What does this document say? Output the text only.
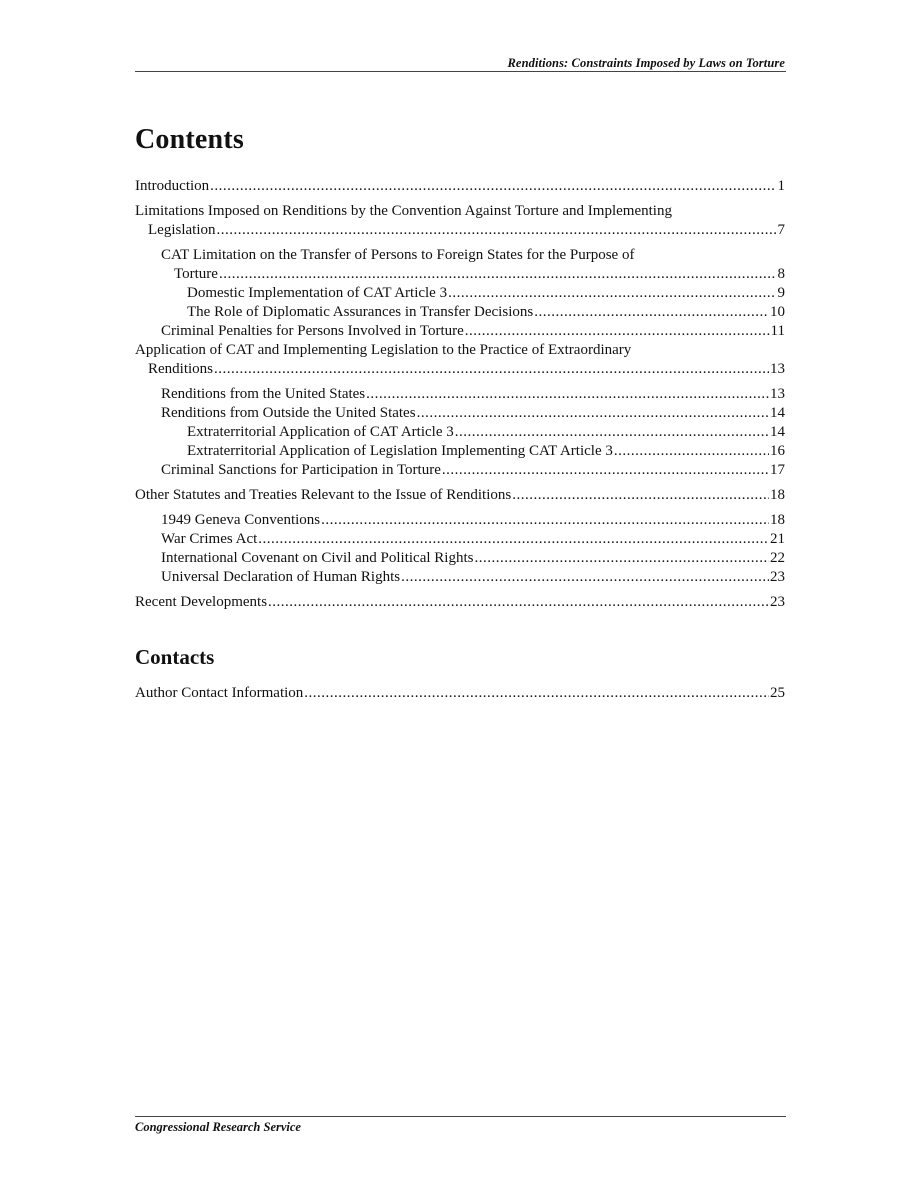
Renditions: Constraints Imposed by Laws on Torture
Contents
Introduction .....	1
Limitations Imposed on Renditions by the Convention Against Torture and Implementing
Legislation .....	7
CAT Limitation on the Transfer of Persons to Foreign States for the Purpose of
Torture .....	8
Domestic Implementation of CAT Article 3 .....	9
The Role of Diplomatic Assurances in Transfer Decisions .....	10
Criminal Penalties for Persons Involved in Torture .....	11
Application of CAT and Implementing Legislation to the Practice of Extraordinary
Renditions .....	13
Renditions from the United States .....	13
Renditions from Outside the United States .....	14
Extraterritorial Application of CAT Article 3 .....	14
Extraterritorial Application of Legislation Implementing CAT Article 3 .....	16
Criminal Sanctions for Participation in Torture .....	17
Other Statutes and Treaties Relevant to the Issue of Renditions .....	18
1949 Geneva Conventions .....	18
War Crimes Act .....	21
International Covenant on Civil and Political Rights .....	22
Universal Declaration of Human Rights .....	23
Recent Developments .....	23
Contacts
Author Contact Information .....	25
Congressional Research Service
